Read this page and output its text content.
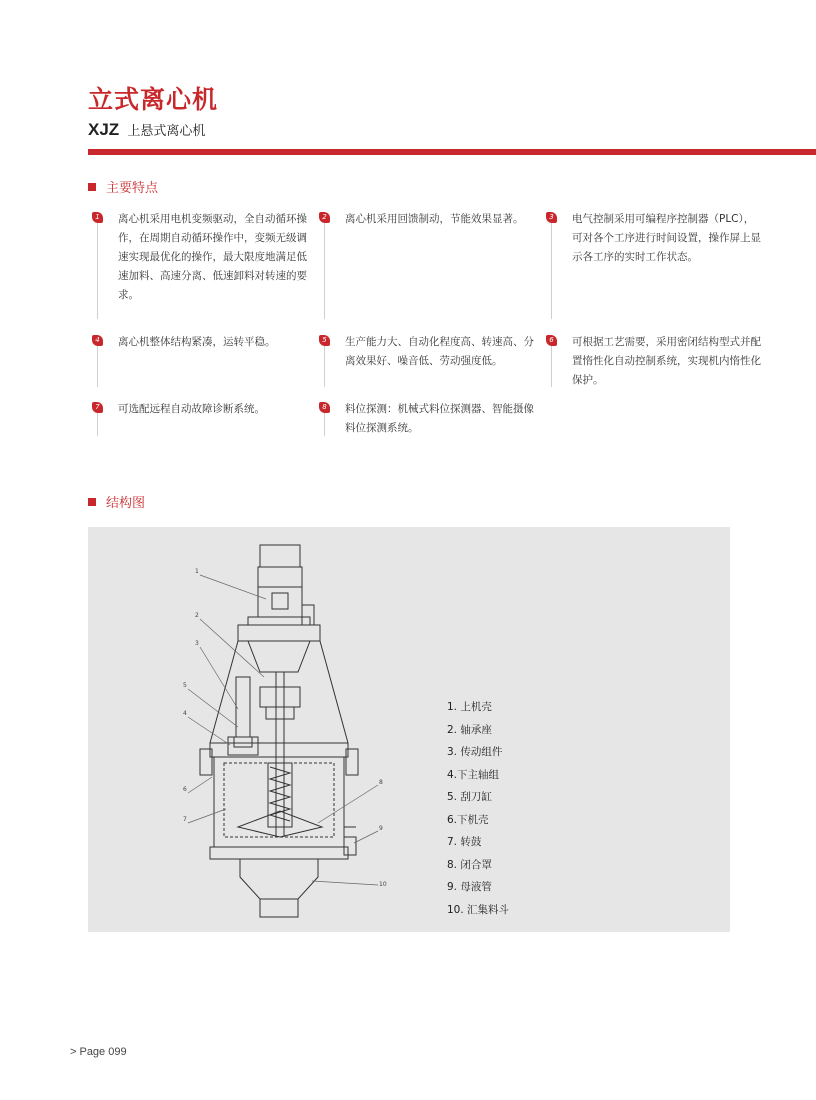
立式离心机
XJZ 上悬式离心机
主要特点
1	离心机采用电机变频驱动，全自动循环操作，在周期自动循环操作中，变频无级调速实现最优化的操作，最大限度地满足低速加料、高速分离、低速卸料对转速的要求。
2	离心机采用回馈制动，节能效果显著。	3	电气控制采用可编程序控制器（PLC），可对各个工序进行时间设置，操作屏上显示各工序的实时工作状态。
4	离心机整体结构紧凑，运转平稳。	5	生产能力大、自动化程度高、转速高、分离效果好、噪音低、劳动强度低。
6	可根据工艺需要，采用密闭结构型式并配置惰性化自动控制系统，实现机内惰性化保护。
7	可选配远程自动故障诊断系统。	8	料位探测：机械式料位探测器、智能摄像料位探测系统。
结构图
1
2
3
5
4
6
7
8
9
10
1. 上机壳
2. 轴承座
3. 传动组件
4.下主轴组
5. 刮刀缸
6.下机壳
7. 转鼓
8. 闭合罩
9. 母液管
10. 汇集料斗
> Page 099
